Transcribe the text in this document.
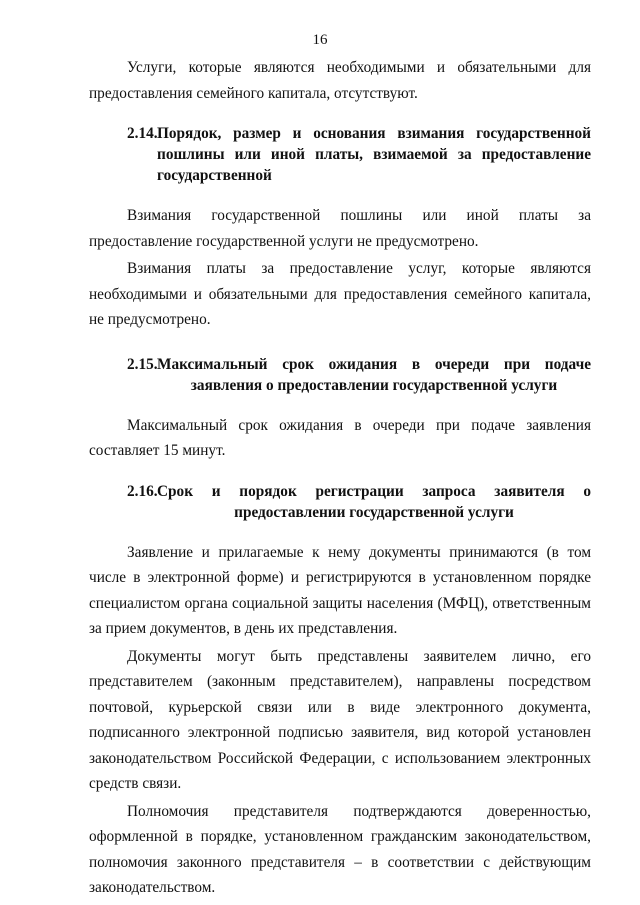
16

Услуги, которые являются необходимыми и обязательными для предоставления семейного капитала, отсутствуют.

2.14. Порядок, размер и основания взимания государственной пошлины или иной платы, взимаемой за предоставление государственной

Взимания государственной пошлины или иной платы за предоставление государственной услуги не предусмотрено.

Взимания платы за предоставление услуг, которые являются необходимыми и обязательными для предоставления семейного капитала, не предусмотрено.

2.15. Максимальный срок ожидания в очереди при подаче заявления о предоставлении государственной услуги

Максимальный срок ожидания в очереди при подаче заявления составляет 15 минут.

2.16. Срок и порядок регистрации запроса заявителя о предоставлении государственной услуги

Заявление и прилагаемые к нему документы принимаются (в том числе в электронной форме) и регистрируются в установленном порядке специалистом органа социальной защиты населения (МФЦ), ответственным за прием документов, в день их представления.

Документы могут быть представлены заявителем лично, его представителем (законным представителем), направлены посредством почтовой, курьерской связи или в виде электронного документа, подписанного электронной подписью заявителя, вид которой установлен законодательством Российской Федерации, с использованием электронных средств связи.

Полномочия представителя подтверждаются доверенностью, оформленной в порядке, установленном гражданским законодательством, полномочия законного представителя – в соответствии с действующим законодательством.
